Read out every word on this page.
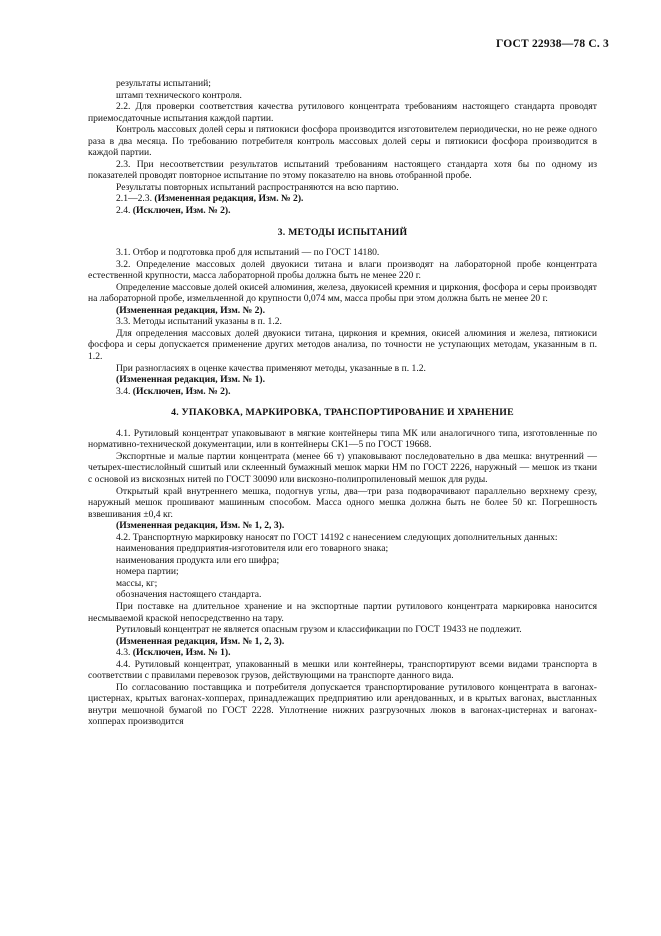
ГОСТ 22938—78 С. 3

результаты испытаний;

штамп технического контроля.

2.2. Для проверки соответствия качества рутилового концентрата требованиям настоящего стандарта проводят приемосдаточные испытания каждой партии.

Контроль массовых долей серы и пятиокиси фосфора производится изготовителем периодически, но не реже одного раза в два месяца. По требованию потребителя контроль массовых долей серы и пятиокиси фосфора производится в каждой партии.

2.3. При несоответствии результатов испытаний требованиям настоящего стандарта хотя бы по одному из показателей проводят повторное испытание по этому показателю на вновь отобранной пробе.

Результаты повторных испытаний распространяются на всю партию.

2.1—2.3. (Измененная редакция, Изм. № 2).

2.4. (Исключен, Изм. № 2).

3. МЕТОДЫ ИСПЫТАНИЙ

3.1. Отбор и подготовка проб для испытаний — по ГОСТ 14180.

3.2. Определение массовых долей двуокиси титана и влаги производят на лабораторной пробе концентрата естественной крупности, масса лабораторной пробы должна быть не менее 220 г.

Определение массовые долей окисей алюминия, железа, двуокисей кремния и циркония, фосфора и серы производят на лабораторной пробе, измельченной до крупности 0,074 мм, масса пробы при этом должна быть не менее 20 г.

(Измененная редакция, Изм. № 2).

3.3. Методы испытаний указаны в п. 1.2.

Для определения массовых долей двуокиси титана, циркония и кремния, окисей алюминия и железа, пятиокиси фосфора и серы допускается применение других методов анализа, по точности не уступающих методам, указанным в п. 1.2.

При разногласиях в оценке качества применяют методы, указанные в п. 1.2.

(Измененная редакция, Изм. № 1).

3.4. (Исключен, Изм. № 2).

4. УПАКОВКА, МАРКИРОВКА, ТРАНСПОРТИРОВАНИЕ И ХРАНЕНИЕ

4.1. Рутиловый концентрат упаковывают в мягкие контейнеры типа МК или аналогичного типа, изготовленные по нормативно-технической документации, или в контейнеры СК1—5 по ГОСТ 19668.

Экспортные и малые партии концентрата (менее 66 т) упаковывают последовательно в два мешка: внутренний — четырех-шестислойный сшитый или склеенный бумажный мешок марки НМ по ГОСТ 2226, наружный — мешок из ткани с основой из вискозных нитей по ГОСТ 30090 или вискозно-полипропиленовый мешок для руды.

Открытый край внутреннего мешка, подогнув углы, два—три раза подворачивают параллельно верхнему срезу, наружный мешок прошивают машинным способом. Масса одного мешка должна быть не более 50 кг. Погрешность взвешивания ±0,4 кг.

(Измененная редакция, Изм. № 1, 2, 3).

4.2. Транспортную маркировку наносят по ГОСТ 14192 с нанесением следующих дополнительных данных:

наименования предприятия-изготовителя или его товарного знака;

наименования продукта или его шифра;

номера партии;

массы, кг;

обозначения настоящего стандарта.

При поставке на длительное хранение и на экспортные партии рутилового концентрата маркировка наносится несмываемой краской непосредственно на тару.

Рутиловый концентрат не является опасным грузом и классификации по ГОСТ 19433 не подлежит.

(Измененная редакция, Изм. № 1, 2, 3).

4.3. (Исключен, Изм. № 1).

4.4. Рутиловый концентрат, упакованный в мешки или контейнеры, транспортируют всеми видами транспорта в соответствии с правилами перевозок грузов, действующими на транспорте данного вида.

По согласованию поставщика и потребителя допускается транспортирование рутилового концентрата в вагонах-цистернах, крытых вагонах-хопперах, принадлежащих предприятию или арендованных, и в крытых вагонах, выстланных внутри мешочной бумагой по ГОСТ 2228. Уплотнение нижних разгрузочных люков в вагонах-цистернах и вагонах-хопперах производится
